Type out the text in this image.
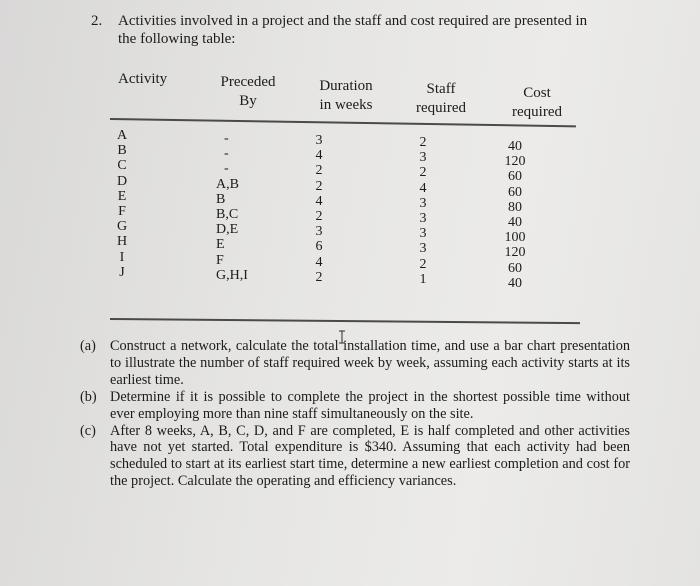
2. Activities involved in a project and the staff and cost required are presented in
the following table:
Activity	Preceded
By
Duration
in weeks
Staff
required
Cost
required
A
B
C
D
E
F
G
H
I
J
-
-
-
A,B
B
B,C
D,E
E
F
G,H,I
3
4
2
2
4
2
3
6
4
2
2
3
2
4
3
3
3
3
2
1
40
120
60
60
80
40
100
120
60
40
(a) Construct a network, calculate the total installation time, and use a bar chart presentation to illustrate the number of staff required week by week, assuming each activity starts at its earliest time.
(b) Determine if it is possible to complete the project in the shortest possible time without ever employing more than nine staff simultaneously on the site.
(c) After 8 weeks, A, B, C, D, and F are completed, E is half completed and other activities have not yet started. Total expenditure is $340. Assuming that each activity had been scheduled to start at its earliest start time, determine a new earliest completion and cost for the project. Calculate the operating and efficiency variances.
